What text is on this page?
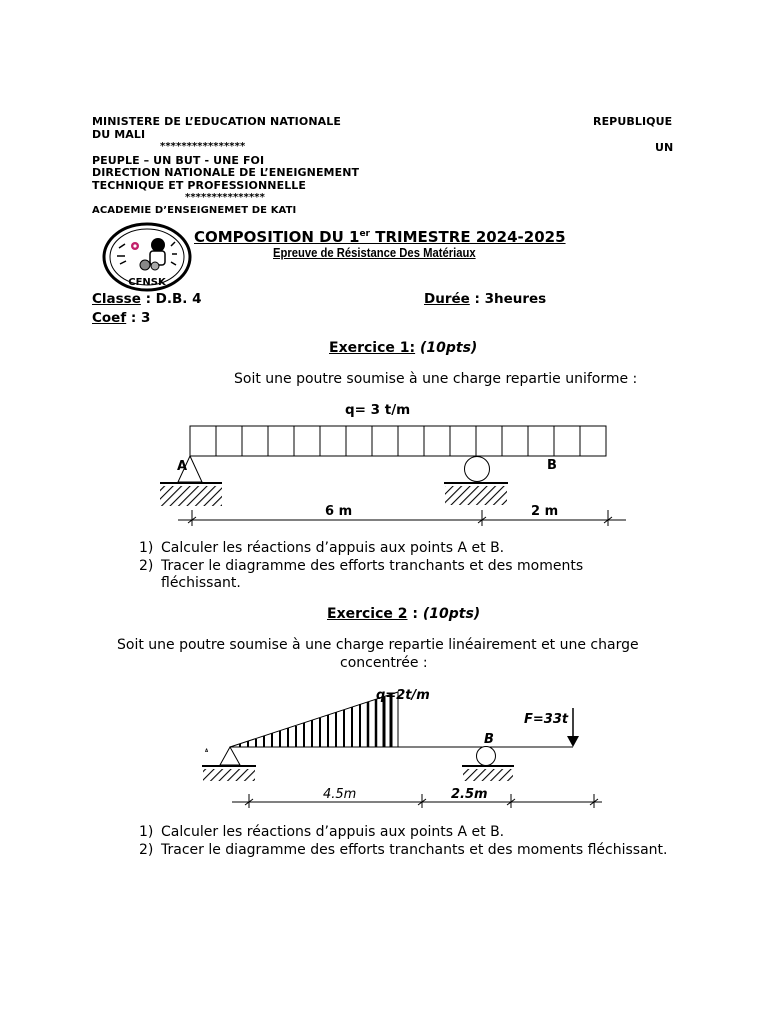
MINISTERE DE L’EDUCATION NATIONALE	REPUBLIQUE
DU MALI
****************	UN
PEUPLE – UN BUT - UNE FOI
DIRECTION NATIONALE DE L’ENEIGNEMENT
TECHNIQUE ET PROFESSIONNELLE
***************
ACADEMIE D’ENSEIGNEMET DE KATI
CFNSK
COMPOSITION DU 1er TRIMESTRE 2024-2025
Epreuve de Résistance Des Matériaux
Classe : D.B. 4	Durée : 3heures
Coef : 3
Exercice 1: (10pts)
Soit une poutre soumise à une charge repartie uniforme :
q= 3 t/m
A	B
6 m	2 m
1) Calculer les réactions d’appuis aux points A et B.
2) Tracer le diagramme des efforts tranchants et des moments
fléchissant.
Exercice 2 : (10pts)
Soit une poutre soumise à une charge repartie linéairement et une charge
concentrée :
q=2t/m
A
B
F=33t
4.5m	2.5m
1) Calculer les réactions d’appuis aux points A et B.
2) Tracer le diagramme des efforts tranchants et des moments fléchissant.
